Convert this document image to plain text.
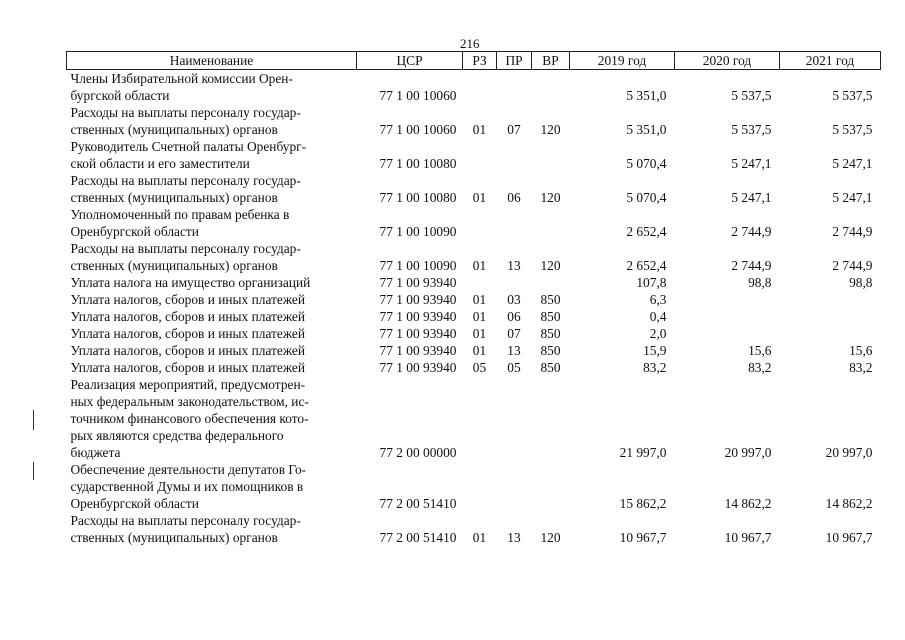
216
Наименование	ЦСР	РЗ	ПР	ВР	2019 год	2020 год	2021 год

Члены Избирательной комиссии Орен-
бургской области	77 1 00 10060				5 351,0	5 537,5	5 537,5

Расходы на выплаты персоналу государ-
ственных (муниципальных) органов	77 1 00 10060	01	07	120	5 351,0	5 537,5	5 537,5

Руководитель Счетной палаты Оренбург-
ской области и его заместители	77 1 00 10080				5 070,4	5 247,1	5 247,1

Расходы на выплаты персоналу государ-
ственных (муниципальных) органов	77 1 00 10080	01	06	120	5 070,4	5 247,1	5 247,1

Уполномоченный по правам ребенка в
Оренбургской области	77 1 00 10090				2 652,4	2 744,9	2 744,9

Расходы на выплаты персоналу государ-
ственных (муниципальных) органов	77 1 00 10090	01	13	120	2 652,4	2 744,9	2 744,9

Уплата налога на имущество организаций	77 1 00 93940				107,8	98,8	98,8

Уплата налогов, сборов и иных платежей	77 1 00 93940	01	03	850	6,3		

Уплата налогов, сборов и иных платежей	77 1 00 93940	01	06	850	0,4		

Уплата налогов, сборов и иных платежей	77 1 00 93940	01	07	850	2,0		

Уплата налогов, сборов и иных платежей	77 1 00 93940	01	13	850	15,9	15,6	15,6

Уплата налогов, сборов и иных платежей	77 1 00 93940	05	05	850	83,2	83,2	83,2

Реализация мероприятий, предусмотрен-
ных федеральным законодательством, ис-
точником финансового обеспечения кото-
рых являются средства федерального
бюджета	77 2 00 00000				21 997,0	20 997,0	20 997,0

Обеспечение деятельности депутатов Го-
сударственной Думы и их помощников в
Оренбургской области	77 2 00 51410				15 862,2	14 862,2	14 862,2

Расходы на выплаты персоналу государ-
ственных (муниципальных) органов	77 2 00 51410	01	13	120	10 967,7	10 967,7	10 967,7
